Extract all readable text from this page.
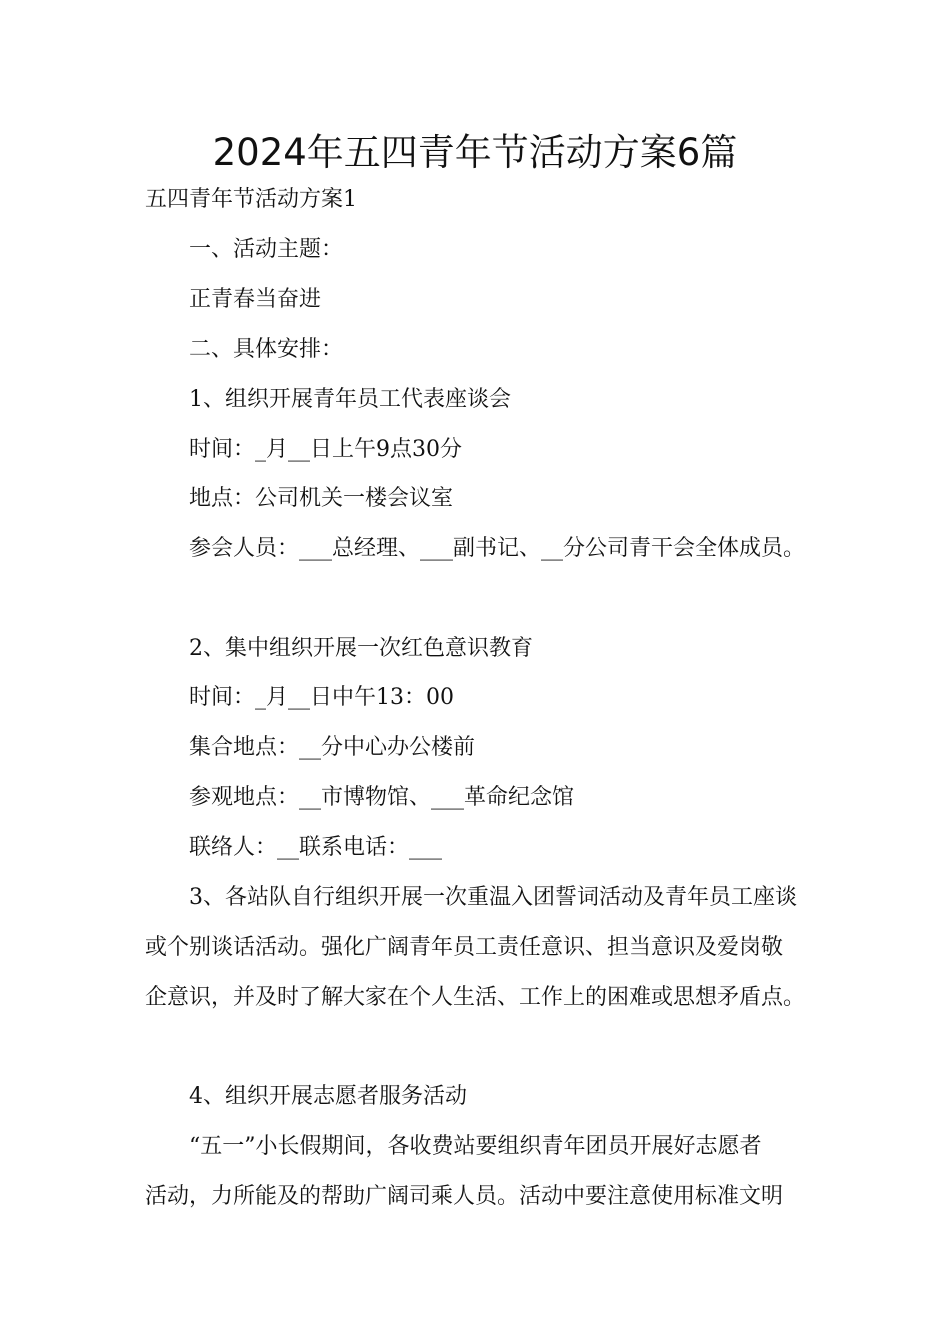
2024年五四青年节活动方案6篇
五四青年节活动方案1
一、活动主题：
正青春当奋进
二、具体安排：
1、组织开展青年员工代表座谈会
时间：_月__日上午9点30分
地点：公司机关一楼会议室
参会人员：___总经理、___副书记、__分公司青干会全体成员。
2、集中组织开展一次红色意识教育
时间：_月__日中午13：00
集合地点：__分中心办公楼前
参观地点：__市博物馆、___革命纪念馆
联络人：__联系电话：___
3、各站队自行组织开展一次重温入团誓词活动及青年员工座谈
或个别谈话活动。强化广阔青年员工责任意识、担当意识及爱岗敬
企意识，并及时了解大家在个人生活、工作上的困难或思想矛盾点。
4、组织开展志愿者服务活动
“五一”小长假期间，各收费站要组织青年团员开展好志愿者
活动，力所能及的帮助广阔司乘人员。活动中要注意使用标准文明
